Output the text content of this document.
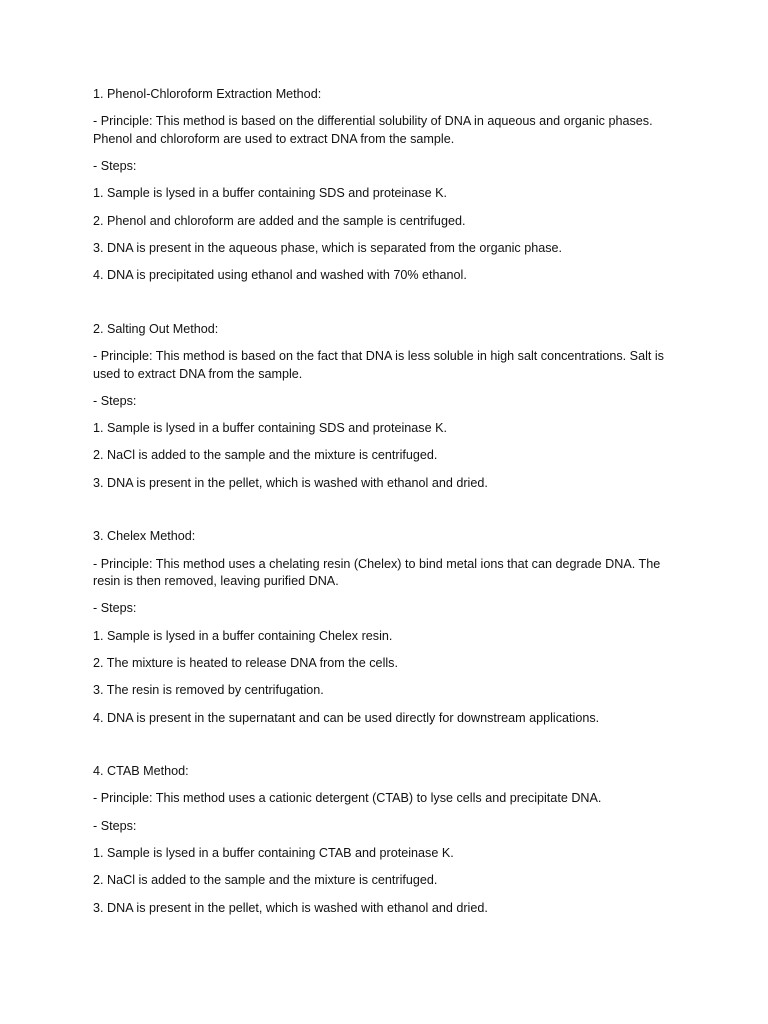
1. Phenol-Chloroform Extraction Method:

- Principle: This method is based on the differential solubility of DNA in aqueous and organic phases. Phenol and chloroform are used to extract DNA from the sample.

- Steps:

1. Sample is lysed in a buffer containing SDS and proteinase K.

2. Phenol and chloroform are added and the sample is centrifuged.

3. DNA is present in the aqueous phase, which is separated from the organic phase.

4. DNA is precipitated using ethanol and washed with 70% ethanol.

2. Salting Out Method:

- Principle: This method is based on the fact that DNA is less soluble in high salt concentrations. Salt is used to extract DNA from the sample.

- Steps:

1. Sample is lysed in a buffer containing SDS and proteinase K.

2. NaCl is added to the sample and the mixture is centrifuged.

3. DNA is present in the pellet, which is washed with ethanol and dried.

3. Chelex Method:

- Principle: This method uses a chelating resin (Chelex) to bind metal ions that can degrade DNA. The resin is then removed, leaving purified DNA.

- Steps:

1. Sample is lysed in a buffer containing Chelex resin.

2. The mixture is heated to release DNA from the cells.

3. The resin is removed by centrifugation.

4. DNA is present in the supernatant and can be used directly for downstream applications.

4. CTAB Method:

- Principle: This method uses a cationic detergent (CTAB) to lyse cells and precipitate DNA.

- Steps:

1. Sample is lysed in a buffer containing CTAB and proteinase K.

2. NaCl is added to the sample and the mixture is centrifuged.

3. DNA is present in the pellet, which is washed with ethanol and dried.
